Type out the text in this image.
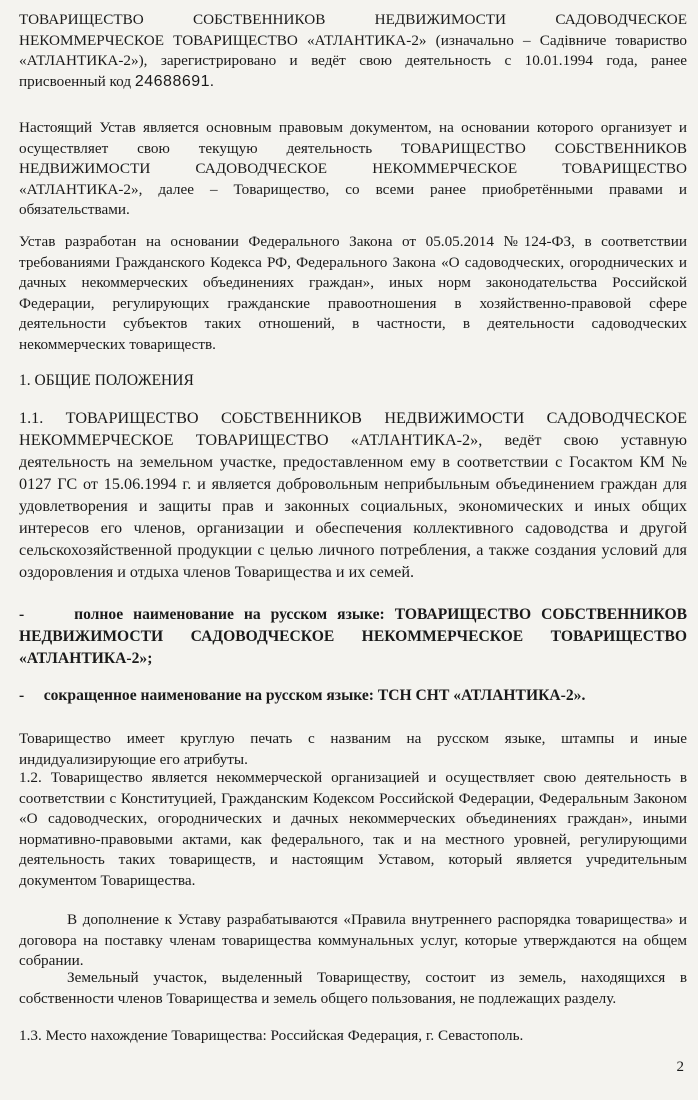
ТОВАРИЩЕСТВО СОБСТВЕННИКОВ НЕДВИЖИМОСТИ САДОВОДЧЕСКОЕ НЕКОММЕРЧЕСКОЕ ТОВАРИЩЕСТВО «АТЛАНТИКА-2» (изначально – Садівниче товариство «АТЛАНТИКА-2»), зарегистрировано и ведёт свою деятельность с 10.01.1994 года, ранее присвоенный код 24688691.

Настоящий Устав является основным правовым документом, на основании которого организует и осуществляет свою текущую деятельность ТОВАРИЩЕСТВО СОБСТВЕННИКОВ НЕДВИЖИМОСТИ САДОВОДЧЕСКОЕ НЕКОММЕРЧЕСКОЕ ТОВАРИЩЕСТВО «АТЛАНТИКА-2», далее – Товарищество, со всеми ранее приобретёнными правами и обязательствами.

Устав разработан на основании Федерального Закона от 05.05.2014 №124-ФЗ, в соответствии требованиями Гражданского Кодекса РФ, Федерального Закона «О садоводческих, огороднических и дачных некоммерческих объединениях граждан», иных норм законодательства Российской Федерации, регулирующих гражданские правоотношения в хозяйственно-правовой сфере деятельности субъектов таких отношений, в частности, в деятельности садоводческих некоммерческих товариществ.

1. ОБЩИЕ ПОЛОЖЕНИЯ

1.1. ТОВАРИЩЕСТВО СОБСТВЕННИКОВ НЕДВИЖИМОСТИ САДОВОДЧЕСКОЕ НЕКОММЕРЧЕСКОЕ ТОВАРИЩЕСТВО «АТЛАНТИКА-2», ведёт свою уставную деятельность на земельном участке, предоставленном ему в соответствии с Госактом КМ № 0127 ГС от 15.06.1994 г. и является добровольным неприбыльным объединением граждан для удовлетворения и защиты прав и законных социальных, экономических и иных общих интересов его членов, организации и обеспечения коллективного садоводства и другой сельскохозяйственной продукции с целью личного потребления, а также создания условий для оздоровления и отдыха членов Товарищества и их семей.

-	полное наименование на русском языке: ТОВАРИЩЕСТВО СОБСТВЕННИКОВ НЕДВИЖИМОСТИ САДОВОДЧЕСКОЕ НЕКОММЕРЧЕСКОЕ ТОВАРИЩЕСТВО «АТЛАНТИКА-2»;

- сокращенное наименование на русском языке: ТСН СНТ «АТЛАНТИКА-2».

Товарищество имеет круглую печать с названим на русском языке, штампы и иные индидуализирующие его атрибуты.

1.2. Товарищество является некоммерческой организацией и осуществляет свою деятельность в соответствии с Конституцией, Гражданским Кодексом Российской Федерации, Федеральным Законом «О садоводческих, огороднических и дачных некоммерческих объединениях граждан», иными нормативно-правовыми актами, как федерального, так и на местного уровней, регулирующими деятельность таких товариществ, и настоящим Уставом, который является учредительным документом Товарищества.

В дополнение к Уставу разрабатываются «Правила внутреннего распорядка товарищества» и договора на поставку членам товарищества коммунальных услуг, которые утверждаются на общем собрании.

Земельный участок, выделенный Товариществу, состоит из земель, находящихся в собственности членов Товарищества и земель общего пользования, не подлежащих разделу.

1.3. Место нахождение Товарищества: Российская Федерация, г. Севастополь.

2
